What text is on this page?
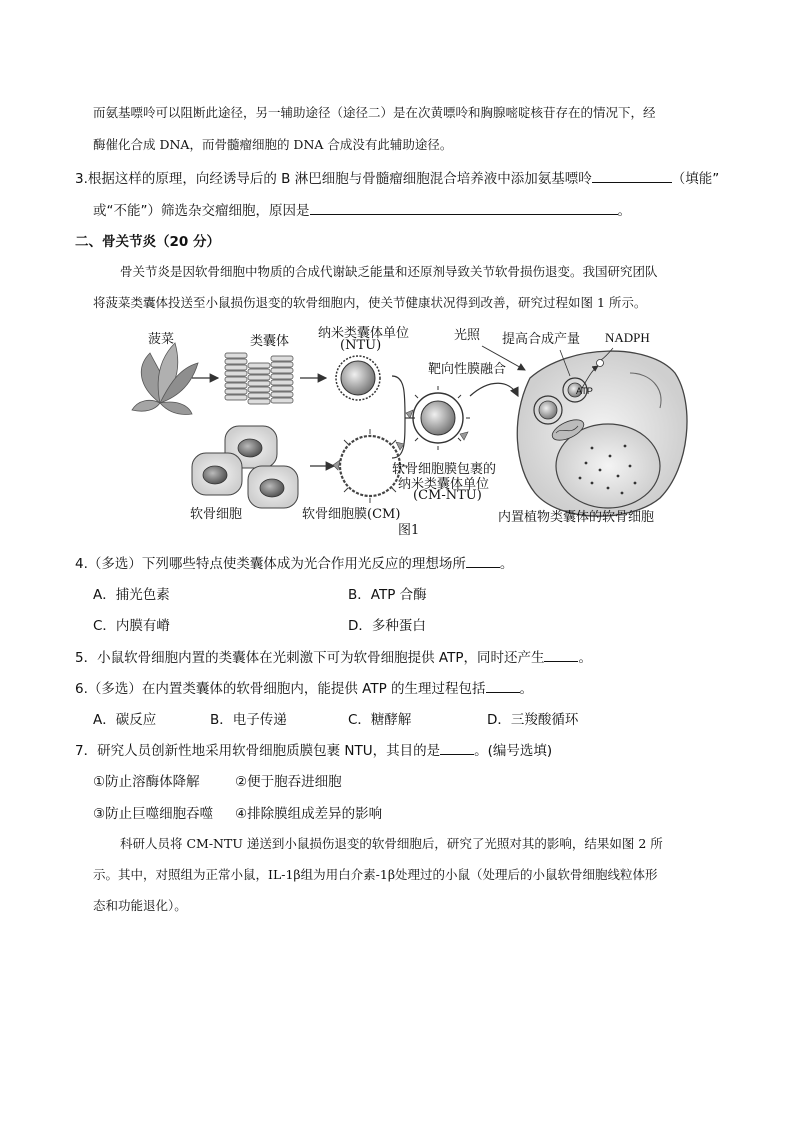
而氨基嘌呤可以阻断此途径，另一辅助途径（途径二）是在次黄嘌呤和胸腺嘧啶核苷存在的情况下，经
酶催化合成 DNA，而骨髓瘤细胞的 DNA 合成没有此辅助途径。
3.根据这样的原理，向经诱导后的 B 淋巴细胞与骨髓瘤细胞混合培养液中添加氨基嘌呤	（填能”
或“不能”）筛选杂交瘤细胞，原因是	。
二、骨关节炎（20 分）
骨关节炎是因软骨细胞中物质的合成代谢缺乏能量和还原剂导致关节软骨损伤退变。我国研究团队
将菠菜类囊体投送至小鼠损伤退变的软骨细胞内，使关节健康状况得到改善，研究过程如图 1 所示。
菠菜	类囊体
纳米类囊体单位
(NTU)
光照 提高合成产量 NADPH
靶向性膜融合
ATP
软骨细胞膜包裹的
纳米类囊体单位
(CM-NTU)
软骨细胞	软骨细胞膜(CM)
图1
内置植物类囊体的软骨细胞
4.（多选）下列哪些特点使类囊体成为光合作用光反应的理想场所	。
A．捕光色素	B．ATP 合酶
C．内膜有嵴	D．多种蛋白
5．小鼠软骨细胞内置的类囊体在光刺激下可为软骨细胞提供 ATP，同时还产生	。
6.（多选）在内置类囊体的软骨细胞内，能提供 ATP 的生理过程包括	。
A．碳反应	B．电子传递	C．糖酵解	D．三羧酸循环
7．研究人员创新性地采用软骨细胞质膜包裹 NTU，其目的是	。(编号选填)
①防止溶酶体降解	②便于胞吞进细胞
③防止巨噬细胞吞噬 ④排除膜组成差异的影响
科研人员将 CM-NTU 递送到小鼠损伤退变的软骨细胞后，研究了光照对其的影响，结果如图 2 所
示。其中，对照组为正常小鼠，IL-1β组为用白介素-1β处理过的小鼠（处理后的小鼠软骨细胞线粒体形
态和功能退化）。
